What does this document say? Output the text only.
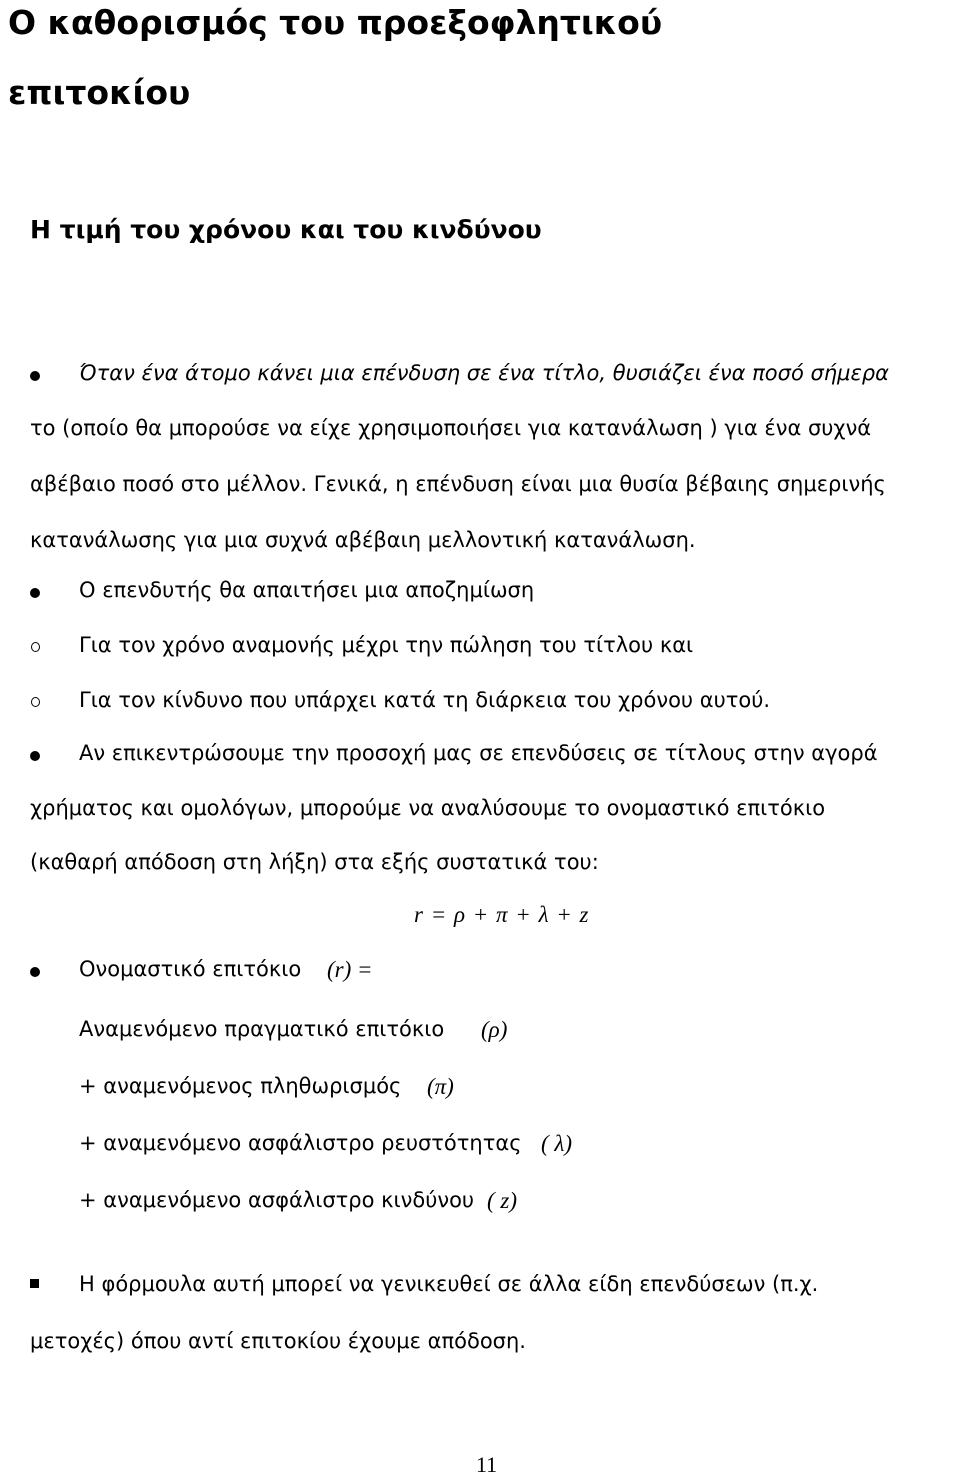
Ο καθορισμός του προεξοφλητικού
επιτοκίου
Η τιμή του χρόνου και του κινδύνου
Όταν ένα άτομο κάνει μια επένδυση σε ένα τίτλο, θυσιάζει ένα ποσό σήμερα
το (οποίο θα μπορούσε να είχε χρησιμοποιήσει για κατανάλωση ) για ένα συχνά
αβέβαιο ποσό στο μέλλον. Γενικά, η επένδυση είναι μια θυσία βέβαιης σημερινής
κατανάλωσης για μια συχνά αβέβαιη μελλοντική κατανάλωση.
Ο επενδυτής θα απαιτήσει μια αποζημίωση
Για τον χρόνο αναμονής μέχρι την πώληση του τίτλου και
Για τον κίνδυνο που υπάρχει κατά τη διάρκεια του χρόνου αυτού.
Αν επικεντρώσουμε την προσοχή μας σε επενδύσεις σε τίτλους στην αγορά
χρήματος και ομολόγων, μπορούμε να αναλύσουμε το ονομαστικό επιτόκιο
(καθαρή απόδοση στη λήξη) στα εξής συστατικά του:
r = ρ + π + λ + z
Ονομαστικό επιτόκιο (r) =
Αναμενόμενο πραγματικό επιτόκιο (ρ)
+ αναμενόμενος πληθωρισμός (π)
+ αναμενόμενο ασφάλιστρο ρευστότητας ( λ)
+ αναμενόμενο ασφάλιστρο κινδύνου ( z)
Η φόρμουλα αυτή μπορεί να γενικευθεί σε άλλα είδη επενδύσεων (π.χ.
μετοχές) όπου αντί επιτοκίου έχουμε απόδοση.
11
